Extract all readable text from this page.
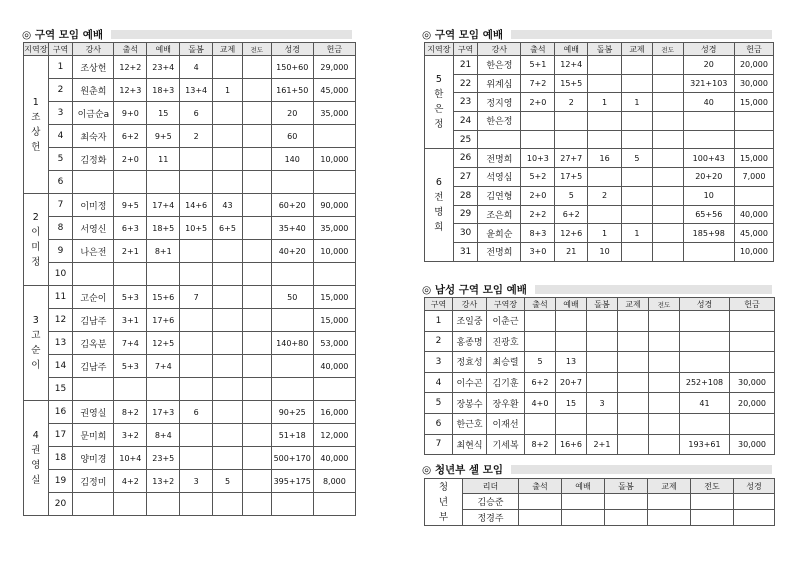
◎ 구역 모임 예배
지역장	구역	강사	출석	예배	돌봄	교제	전도	성경	헌금

1
조
상
헌	1	조상헌	12+2	23+4	4			150+60	29,000
	2	원춘희	12+3	18+3	13+4	1		161+50	45,000
	3	이금순a	9+0	15	6			20	35,000
	4	최숙자	6+2	9+5	2			60	
	5	김정화	2+0	11				140	10,000
	6								

2
이
미
정	7	이미정	9+5	17+4	14+6	43		60+20	90,000
	8	서영신	6+3	18+5	10+5	6+5		35+40	35,000
	9	나은전	2+1	8+1				40+20	10,000
	10								

3
고
순
이	11	고순이	5+3	15+6	7			50	15,000
	12	김남주	3+1	17+6					15,000
	13	김옥분	7+4	12+5				140+80	53,000
	14	김남주	5+3	7+4					40,000
	15								

4
권
영
실	16	권영실	8+2	17+3	6			90+25	16,000
	17	문미희	3+2	8+4				51+18	12,000
	18	양미경	10+4	23+5				500+170	40,000
	19	김정미	4+2	13+2	3	5		395+175	8,000
	20								
◎ 구역 모임 예배
지역장	구역	강사	출석	예배	돌봄	교제	전도	성경	헌금

5
한
은
정	21	한은정	5+1	12+4				20	20,000
	22	위계심	7+2	15+5				321+103	30,000
	23	정지영	2+0	2	1	1		40	15,000
	24	한은정							
	25								

6
전
명
희	26	전명희	10+3	27+7	16	5		100+43	15,000
	27	석영심	5+2	17+5				20+20	7,000
	28	김연형	2+0	5	2			10	
	29	조은희	2+2	6+2				65+56	40,000
	30	윤희순	8+3	12+6	1	1		185+98	45,000
	31	전명희	3+0	21	10				10,000
◎ 남성 구역 모임 예배
구역	강사	구역장	출석	예배	돌봄	교제	전도	성경	헌금
1	조일중	이춘근							
2	홍종명	진광호							
3	정효성	최승렬	5	13					
4	이수곤	김기훈	6+2	20+7				252+108	30,000
5	장봉수	장우환	4+0	15	3			41	20,000
6	한근호	이재선							
7	최현식	기세복	8+2	16+6	2+1			193+61	30,000
◎ 청년부 셀 모임
청
년
부	리더	출석	예배	돌봄	교제	전도	성경
	김승준						
	정경주						
